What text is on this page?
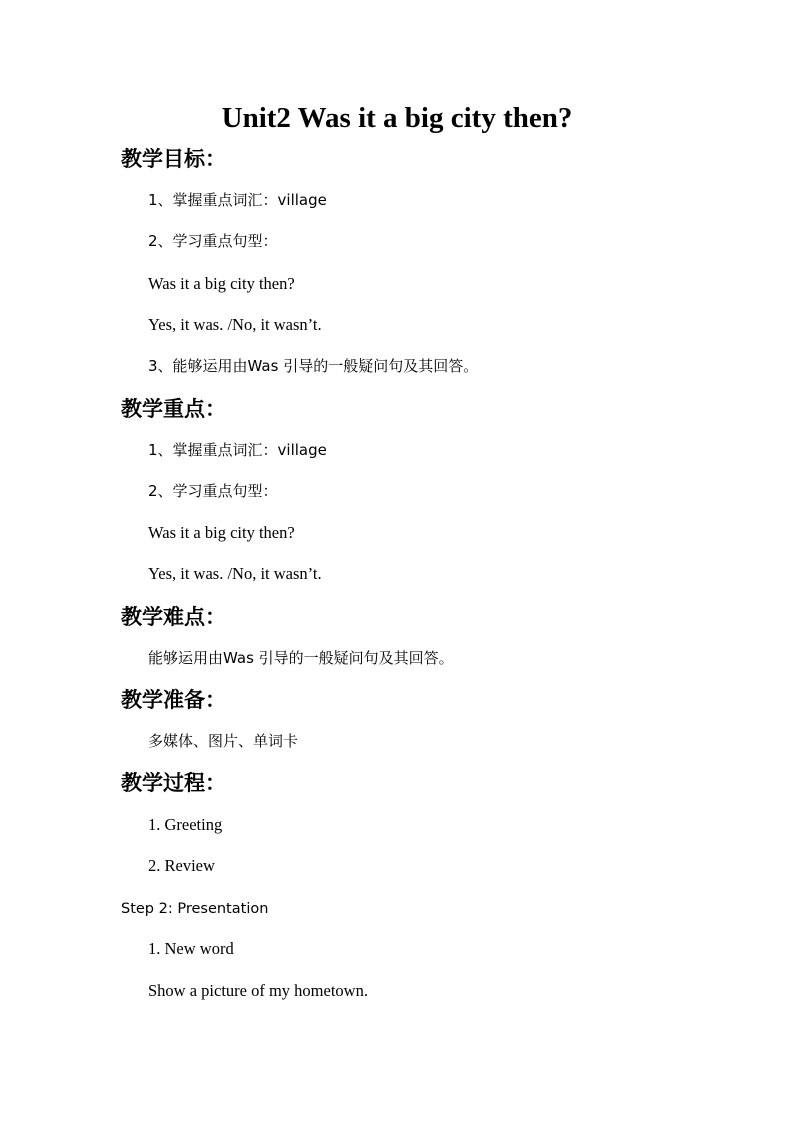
Unit2 Was it a big city then?
教学目标：

1、掌握重点词汇：village

2、学习重点句型：

Was it a big city then?

Yes, it was. /No, it wasn’t.

3、能够运用由Was 引导的一般疑问句及其回答。

教学重点：

1、掌握重点词汇：village

2、学习重点句型：

Was it a big city then?

Yes, it was. /No, it wasn’t.

教学难点：

能够运用由Was 引导的一般疑问句及其回答。

教学准备：

多媒体、图片、单词卡

教学过程：

1. Greeting

2. Review

Step 2: Presentation

1. New word

Show a picture of my hometown.
